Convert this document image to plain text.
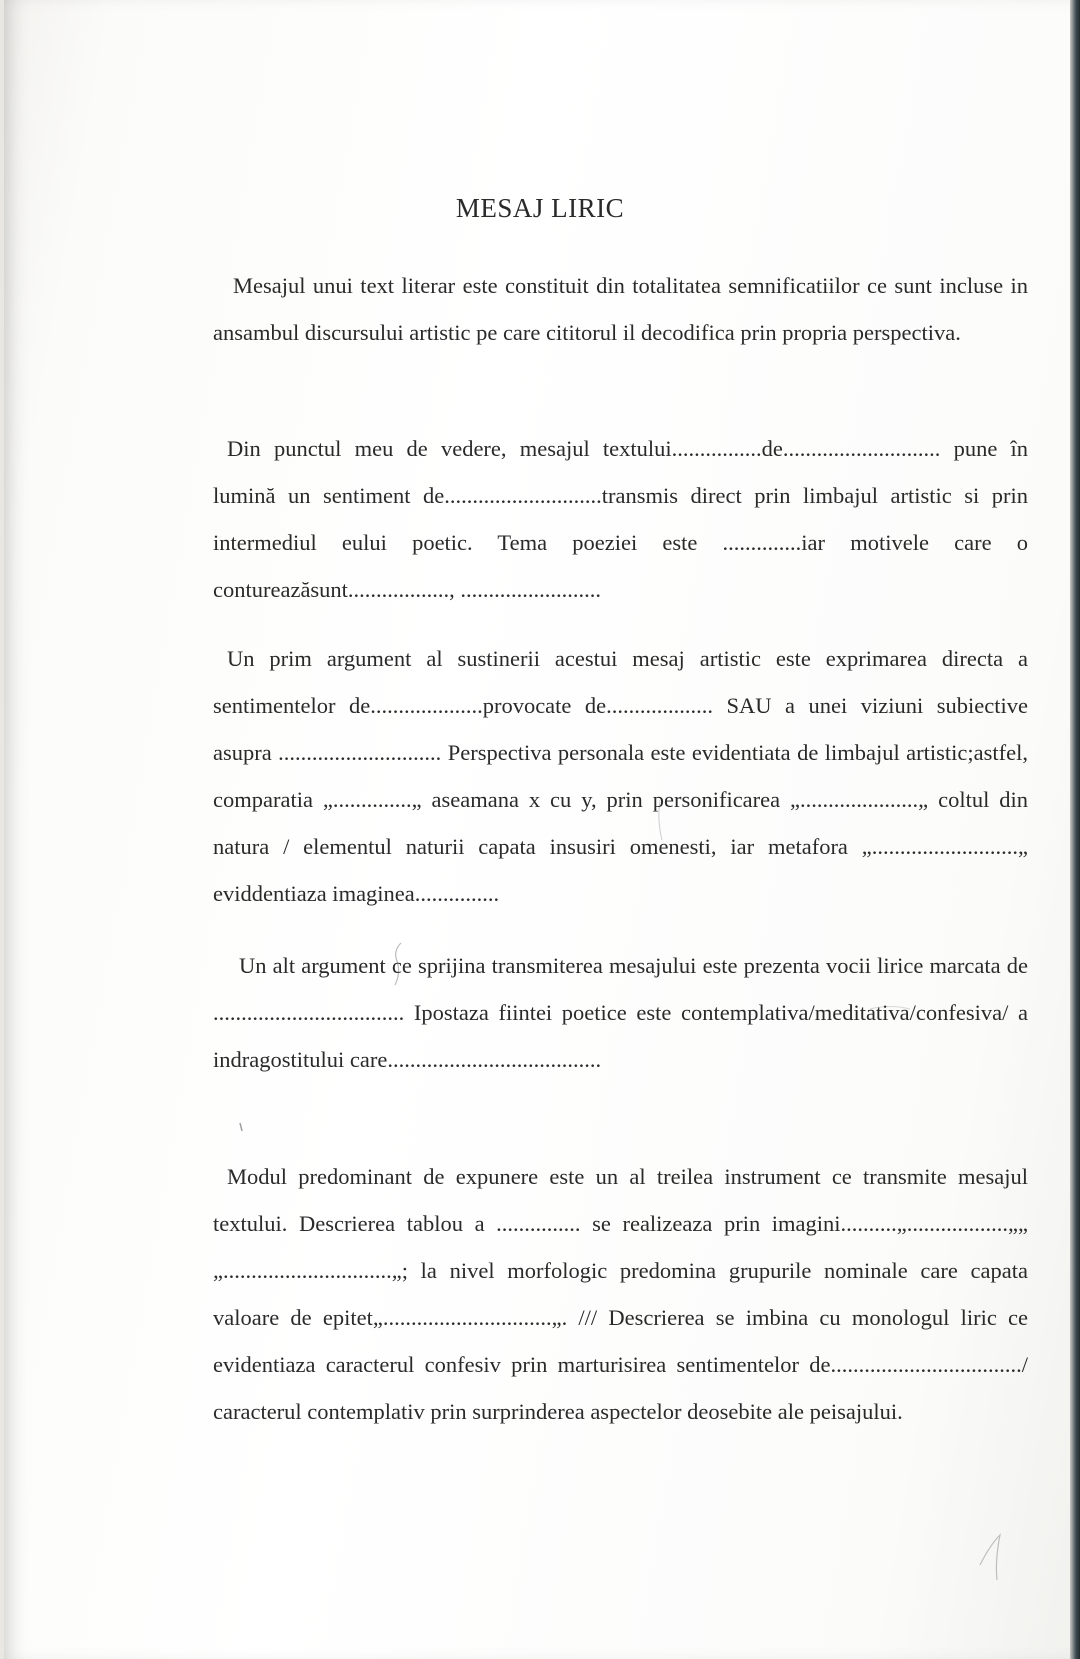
MESAJ LIRIC

Mesajul unui text literar este constituit din totalitatea semnificatiilor ce sunt incluse in ansambul discursului artistic pe care cititorul il decodifica prin propria perspectiva.

Din punctul meu de vedere, mesajul textului................de............................ pune în lumină un sentiment de............................transmis direct prin limbajul artistic si prin intermediul eului poetic. Tema poeziei este ..............iar motivele care o contureazăsunt.................., .........................

Un prim argument al sustinerii acestui mesaj artistic este exprimarea directa a sentimentelor de....................provocate de................... SAU a unei viziuni subiective asupra ............................. Perspectiva personala este evidentiata de limbajul artistic;astfel, comparatia „..............„ aseamana x cu y, prin personificarea „.....................„ coltul din natura / elementul naturii capata insusiri omenesti, iar metafora „..........................„ eviddentiaza imaginea...............

Un alt argument ce sprijina transmiterea mesajului este prezenta vocii lirice marcata de .................................. Ipostaza fiintei poetice este contemplativa/meditativa/confesiva/ a indragostitului care......................................

Modul predominant de expunere este un al treilea instrument ce transmite mesajul textului. Descrierea tablou a ............... se realizeaza prin imagini..........„..................„„ „..............................„; la nivel morfologic predomina grupurile nominale care capata valoare de epitet„..............................„. /// Descrierea se imbina cu monologul liric ce evidentiaza caracterul confesiv prin marturisirea sentimentelor de................................../ caracterul contemplativ prin surprinderea aspectelor deosebite ale peisajului.
